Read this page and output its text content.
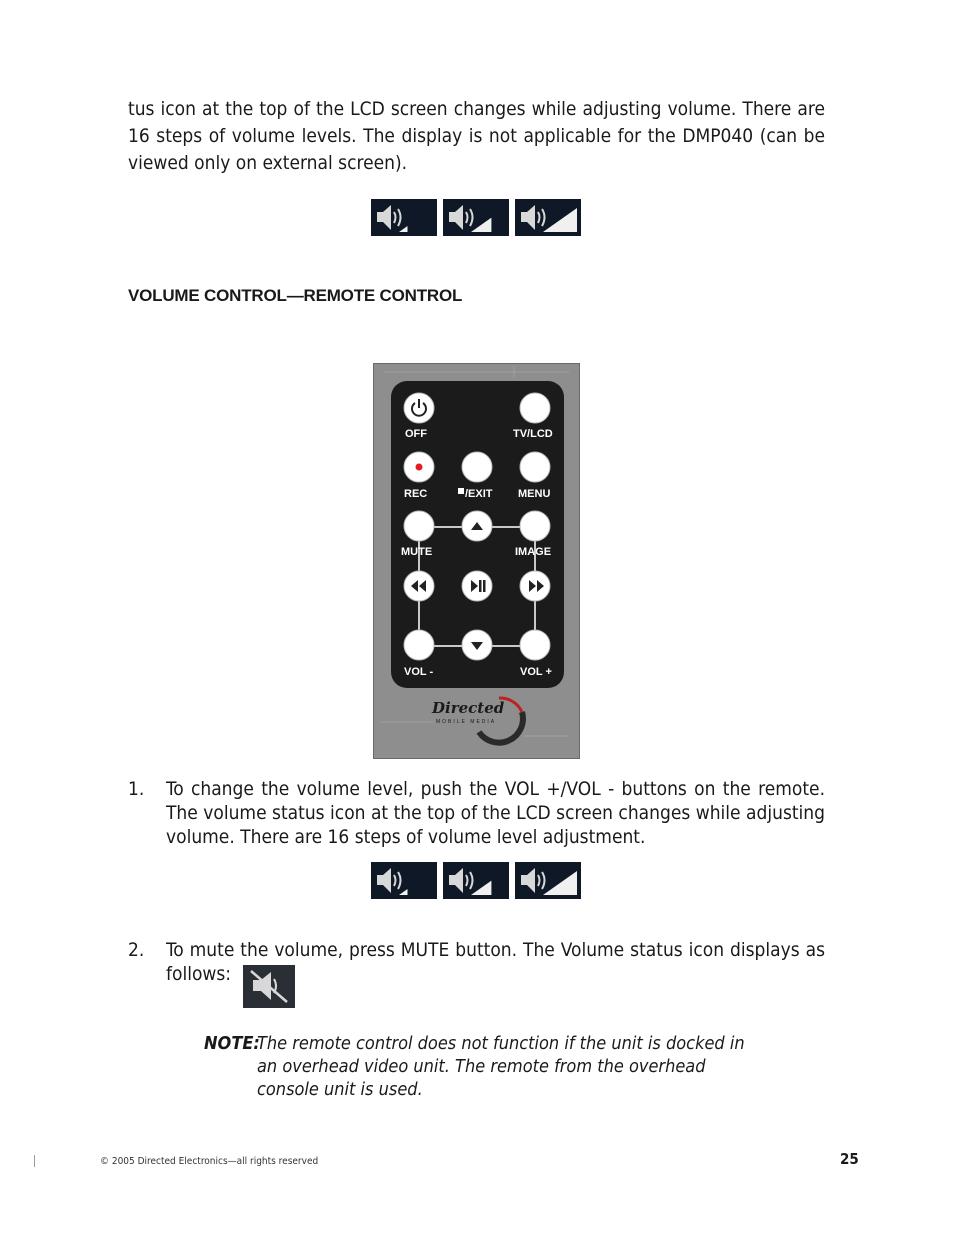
tus icon at the top of the LCD screen changes while adjusting volume. There are 16 steps of volume levels. The display is not applicable for the DMP040 (can be viewed only on external screen).

VOLUME CONTROL—REMOTE CONTROL
OFF	TV/LCD
REC	/EXIT MENU
MUTE	IMAGE
VOL -	VOL +
Directed
MOBILE MEDIA
1. To change the volume level, push the VOL +/VOL - buttons on the remote. The volume status icon at the top of the LCD screen changes while adjusting volume. There are 16 steps of volume level adjustment.

2. To mute the volume, press MUTE button. The Volume status icon displays as follows:

NOTE:

The remote control does not function if the unit is docked in an overhead video unit. The remote from the overhead console unit is used.

© 2005 Directed Electronics—all rights reserved	25
